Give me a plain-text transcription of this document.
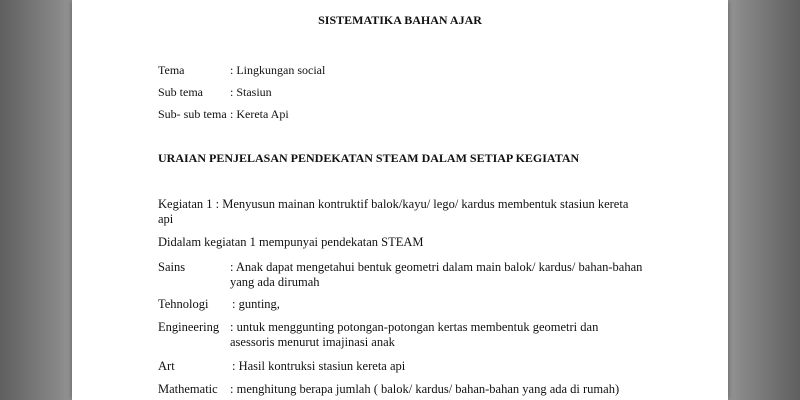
SISTEMATIKA BAHAN AJAR
Tema	: Lingkungan social
Sub tema : Stasiun
Sub- sub tema : Kereta Api
URAIAN PENJELASAN PENDEKATAN STEAM DALAM SETIAP KEGIATAN
Kegiatan 1 : Menyusun mainan kontruktif balok/kayu/ lego/ kardus membentuk stasiun kereta
api
Didalam kegiatan 1 mempunyai pendekatan STEAM
Sains	: Anak dapat mengetahui bentuk geometri dalam main balok/ kardus/ bahan-bahan
yang ada dirumah
Tehnologi : gunting,
Engineering : untuk menggunting potongan-potongan kertas membentuk geometri dan
asessoris menurut imajinasi anak
Art	: Hasil kontruksi stasiun kereta api
Mathematic : menghitung berapa jumlah ( balok/ kardus/ bahan-bahan yang ada di rumah)
